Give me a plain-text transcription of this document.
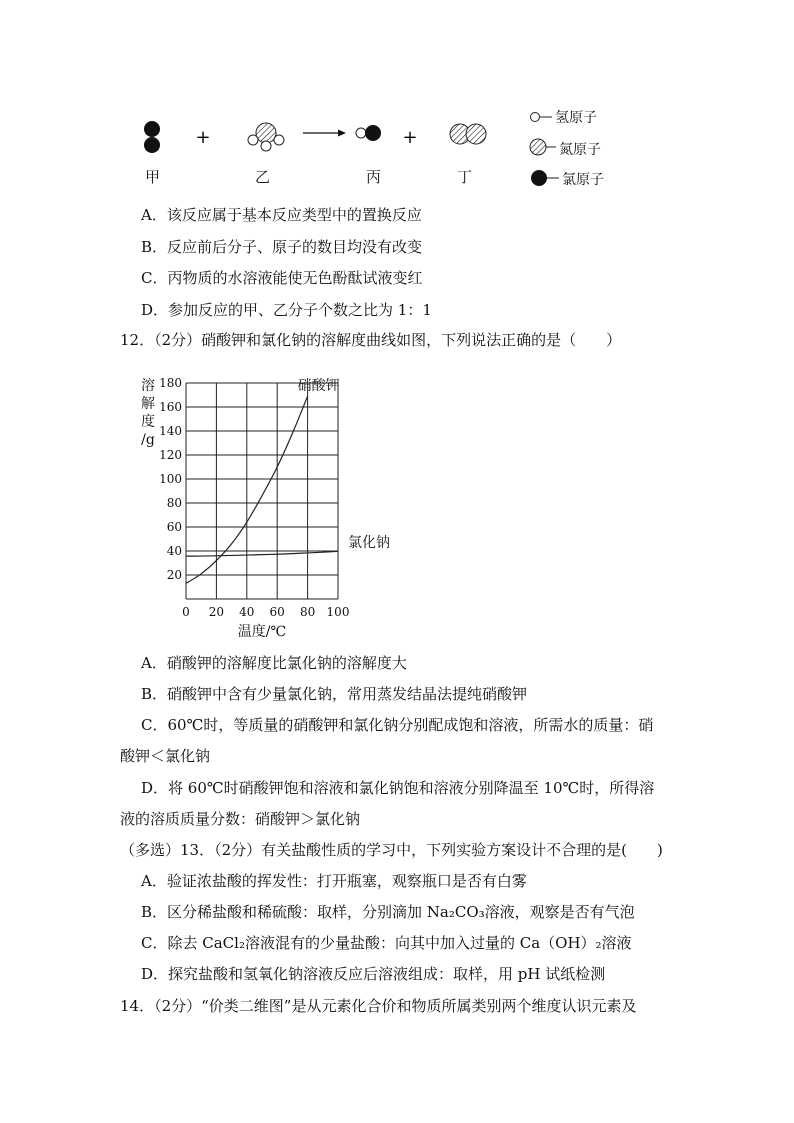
+	+
甲	乙	丙	丁
氢原子
氮原子
氯原子
A．该反应属于基本反应类型中的置换反应
B．反应前后分子、原子的数目均没有改变
C．丙物质的水溶液能使无色酚酞试液变红
D．参加反应的甲、乙分子个数之比为 1：1
12．（2分）硝酸钾和氯化钠的溶解度曲线如图，下列说法正确的是（　　）
20
40
60
80
100
120
140
160
180
0 20 40 60 80 100
溶
解
度
/g
温度/℃
硝酸钾
氯化钠
A．硝酸钾的溶解度比氯化钠的溶解度大
B．硝酸钾中含有少量氯化钠，常用蒸发结晶法提纯硝酸钾
C．60℃时，等质量的硝酸钾和氯化钠分别配成饱和溶液，所需水的质量：硝
酸钾＜氯化钠
D．将 60℃时硝酸钾饱和溶液和氯化钠饱和溶液分别降温至 10℃时，所得溶
液的溶质质量分数：硝酸钾＞氯化钠
（多选）13．（2分）有关盐酸性质的学习中，下列实验方案设计不合理的是(　　)
A．验证浓盐酸的挥发性：打开瓶塞，观察瓶口是否有白雾
B．区分稀盐酸和稀硫酸：取样，分别滴加 Na₂CO₃溶液，观察是否有气泡
C．除去 CaCl₂溶液混有的少量盐酸：向其中加入过量的 Ca（OH）₂溶液
D．探究盐酸和氢氧化钠溶液反应后溶液组成：取样，用 pH 试纸检测
14．（2分）“价类二维图”是从元素化合价和物质所属类别两个维度认识元素及
